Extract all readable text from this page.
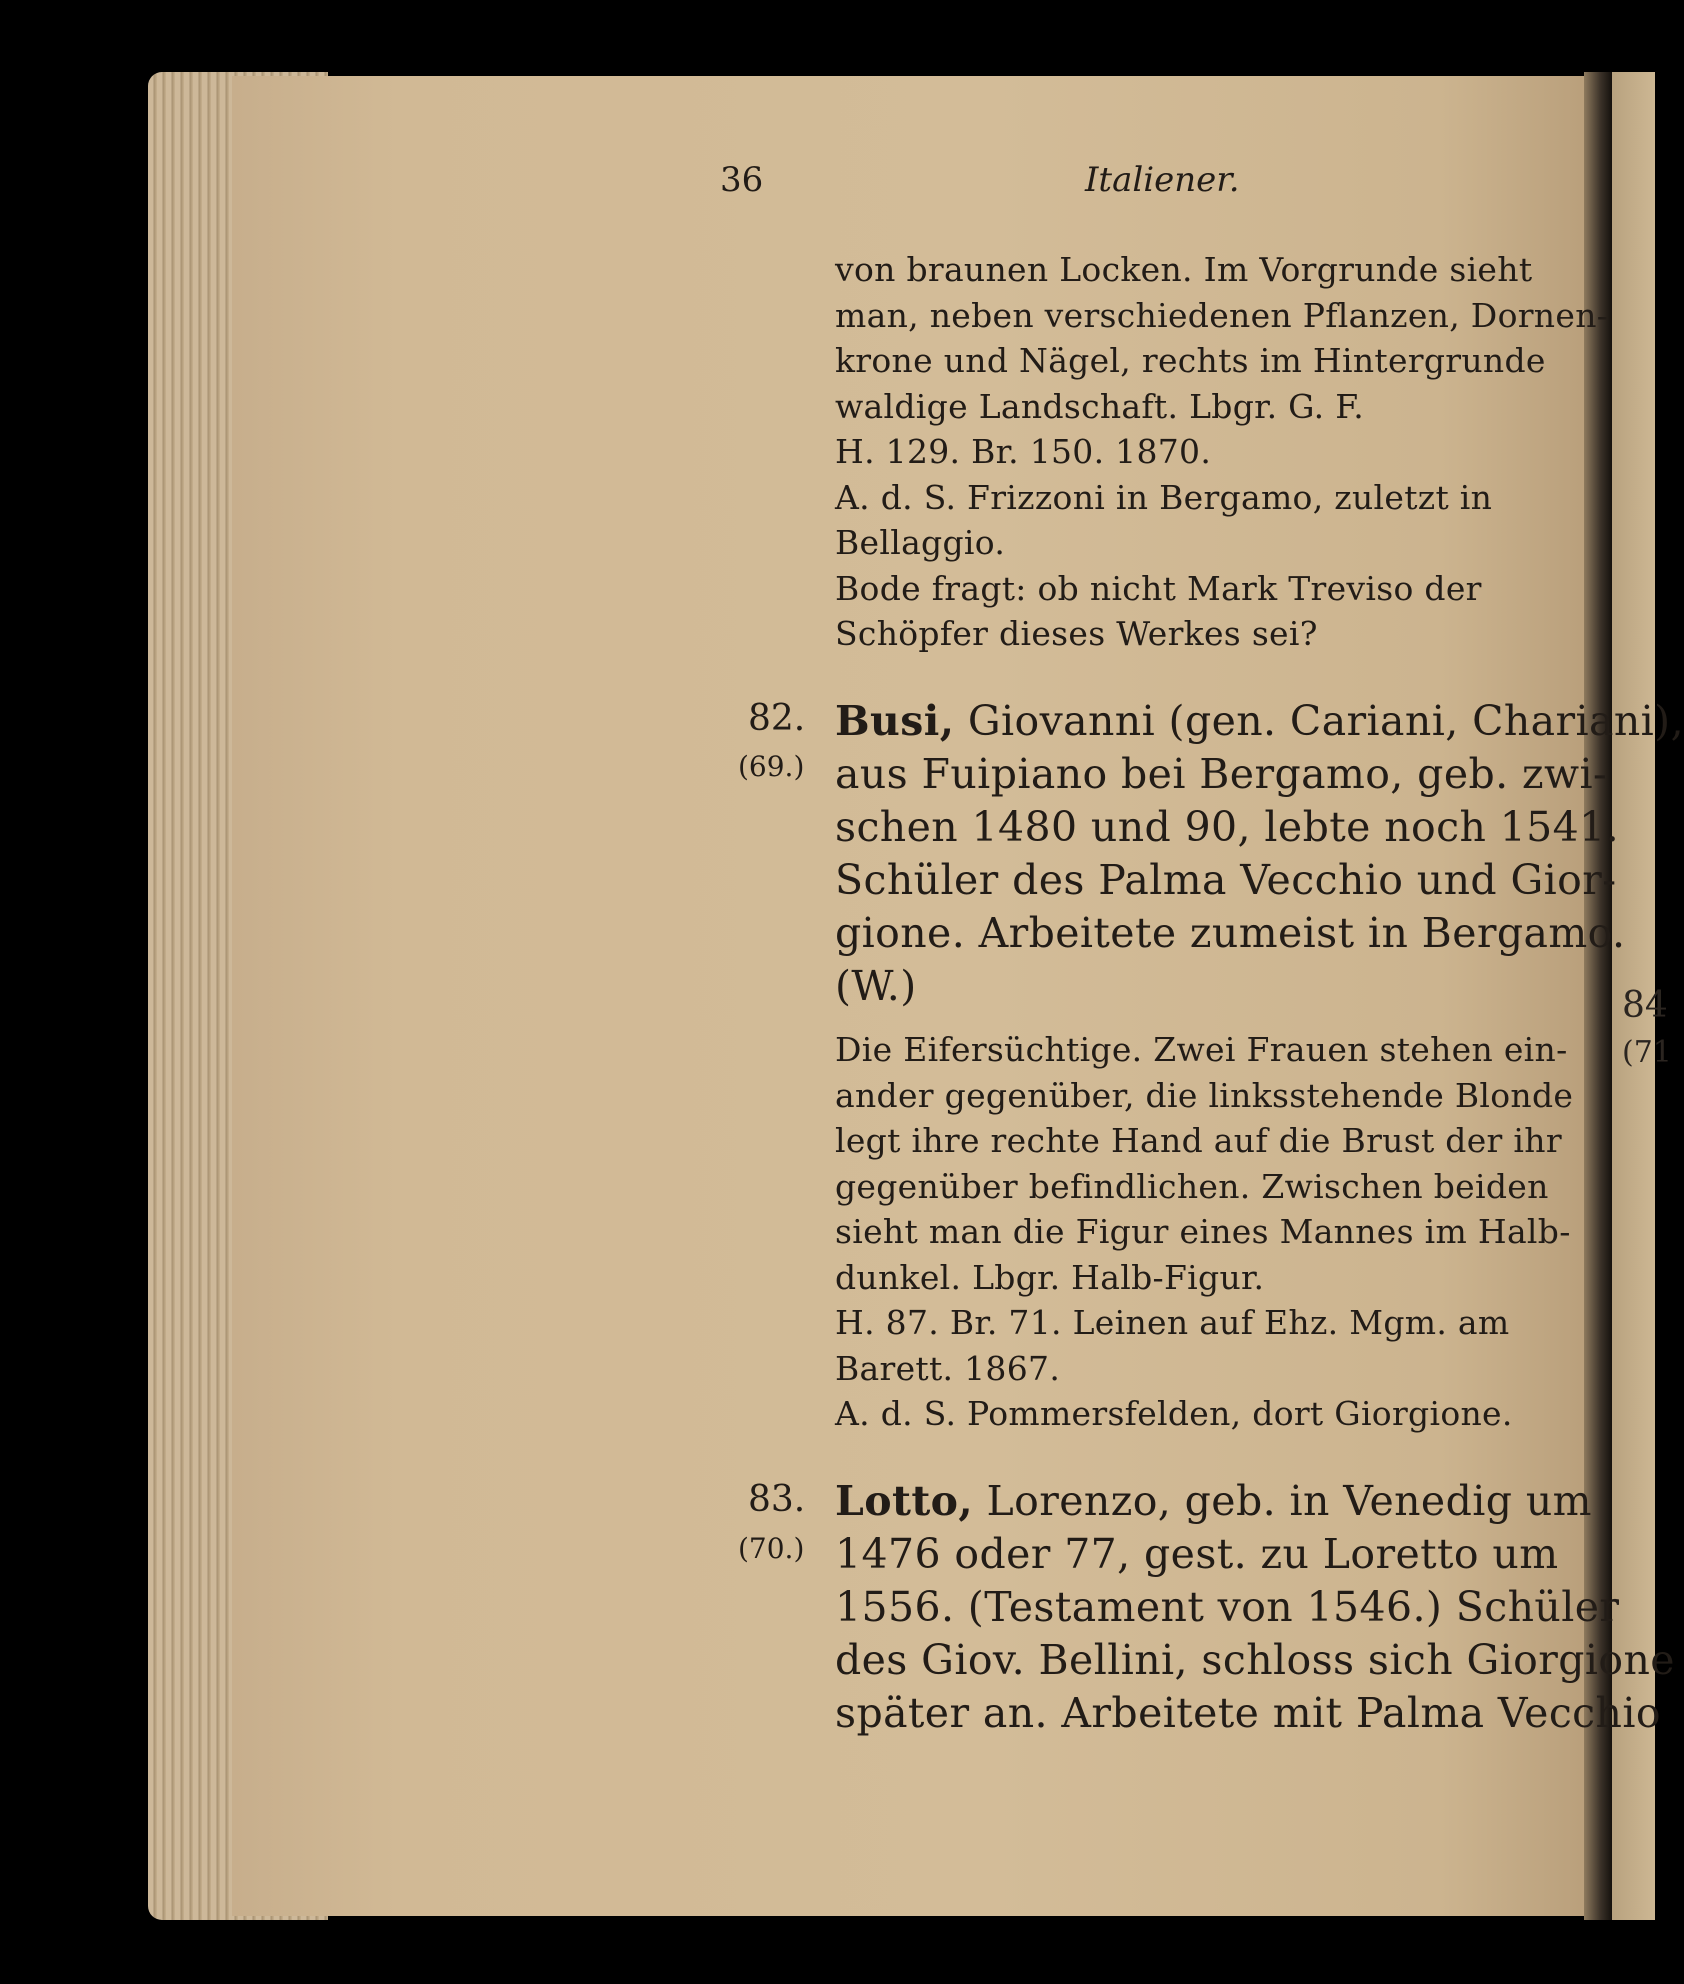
84
(71
36	Italiener.
von braunen Locken. Im Vorgrunde sieht
man, neben verschiedenen Pflanzen, Dornen-
krone und Nägel, rechts im Hintergrunde
waldige Landschaft. Lbgr. G. F.
H. 129. Br. 150. 1870.
A. d. S. Frizzoni in Bergamo, zuletzt in
Bellaggio.
Bode fragt: ob nicht Mark Treviso der
Schöpfer dieses Werkes sei?
82.
(69.)
Busi, Giovanni (gen. Cariani, Chariani),
aus Fuipiano bei Bergamo, geb. zwi-
schen 1480 und 90, lebte noch 1541.
Schüler des Palma Vecchio und Gior-
gione. Arbeitete zumeist in Bergamo.
(W.)
Die Eifersüchtige. Zwei Frauen stehen ein-
ander gegenüber, die linksstehende Blonde
legt ihre rechte Hand auf die Brust der ihr
gegenüber befindlichen. Zwischen beiden
sieht man die Figur eines Mannes im Halb-
dunkel. Lbgr. Halb-Figur.
H. 87. Br. 71. Leinen auf Ehz. Mgm. am
Barett. 1867.
A. d. S. Pommersfelden, dort Giorgione.
83.
(70.)
Lotto, Lorenzo, geb. in Venedig um
1476 oder 77, gest. zu Loretto um
1556. (Testament von 1546.) Schüler
des Giov. Bellini, schloss sich Giorgione
später an. Arbeitete mit Palma Vecchio
